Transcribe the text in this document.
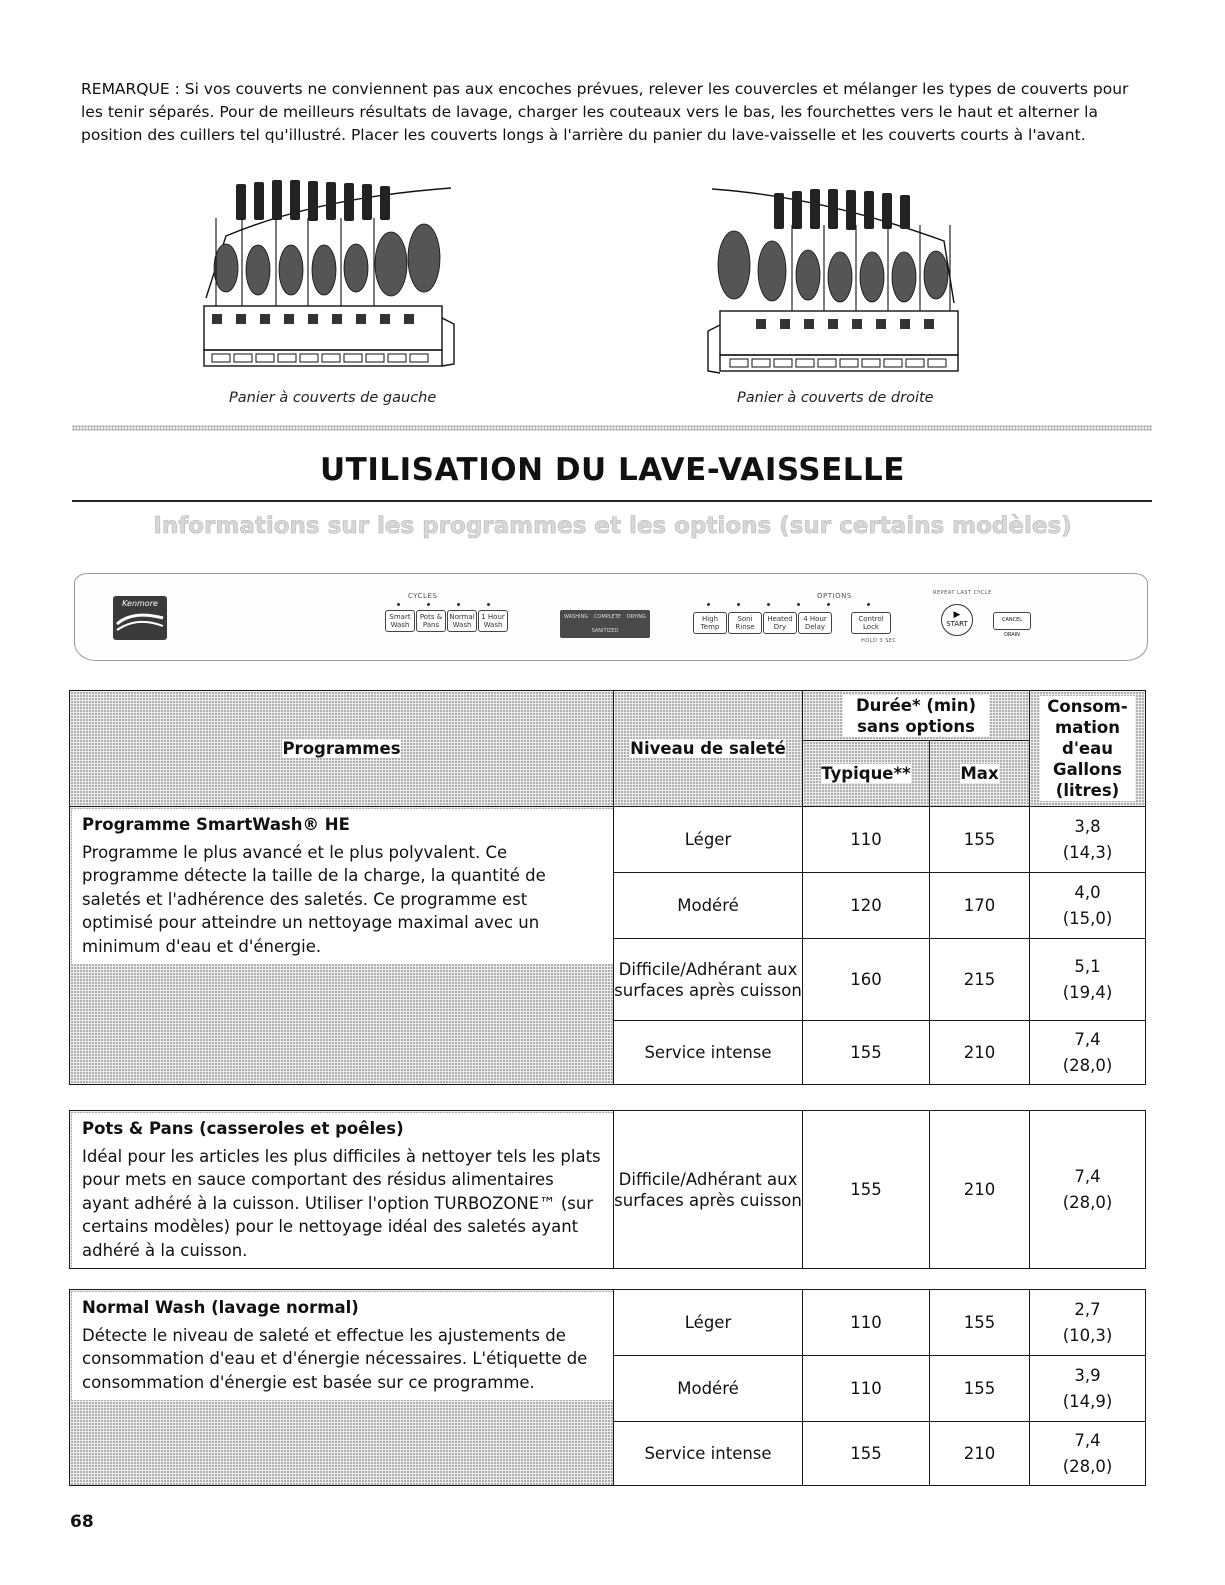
REMARQUE : Si vos couverts ne conviennent pas aux encoches prévues, relever les couvercles et mélanger les types de couverts pour les tenir séparés. Pour de meilleurs résultats de lavage, charger les couteaux vers le bas, les fourchettes vers le haut et alterner la position des cuillers tel qu'illustré. Placer les couverts longs à l'arrière du panier du lave-vaisselle et les couverts courts à l'avant.
Panier à couverts de gauche	Panier à couverts de droite
UTILISATION DU LAVE-VAISSELLE
Informations sur les programmes et les options (sur certains modèles)
Kenmore
CYCLES
Smart Wash
Pots & Pans
Normal Wash
1 Hour Wash
WASHING COMPLETE DRYING
SANITIZED
OPTIONS
High Temp
Soni Rinse
Heated Dry
4 Hour Delay
Control Lock
HOLD 3 SEC
REPEAT LAST CYCLE
▶
START	CANCEL DRAIN
Programmes	Niveau de saleté	Durée* (min) sans options		Consom-mation d'eau Gallons (litres)

		Typique**	Max	

Programme SmartWash® HE
Programme le plus avancé et le plus polyvalent. Ce programme détecte la taille de la charge, la quantité de saletés et l'adhérence des saletés. Ce programme est optimisé pour atteindre un nettoyage maximal avec un minimum d'eau et d'énergie.	Léger	110	155	3,8
(14,3)
	Modéré	120	170	4,0
(15,0)
	Difficile/Adhérant aux surfaces après cuisson	160	215	5,1
(19,4)
	Service intense	155	210	7,4
(28,0)
Pots & Pans (casseroles et poêles)
Idéal pour les articles les plus difficiles à nettoyer tels les plats pour mets en sauce comportant des résidus alimentaires ayant adhéré à la cuisson. Utiliser l'option TURBOZONE™ (sur certains modèles) pour le nettoyage idéal des saletés ayant adhéré à la cuisson.
	Difficile/Adhérant aux surfaces après cuisson	155	210	7,4
(28,0)
Normal Wash (lavage normal)
Détecte le niveau de saleté et effectue les ajustements de consommation d'eau et d'énergie nécessaires. L'étiquette de consommation d'énergie est basée sur ce programme.	Léger	110	155	2,7
(10,3)
	Modéré	110	155	3,9
(14,9)
	Service intense	155	210	7,4
(28,0)
68
